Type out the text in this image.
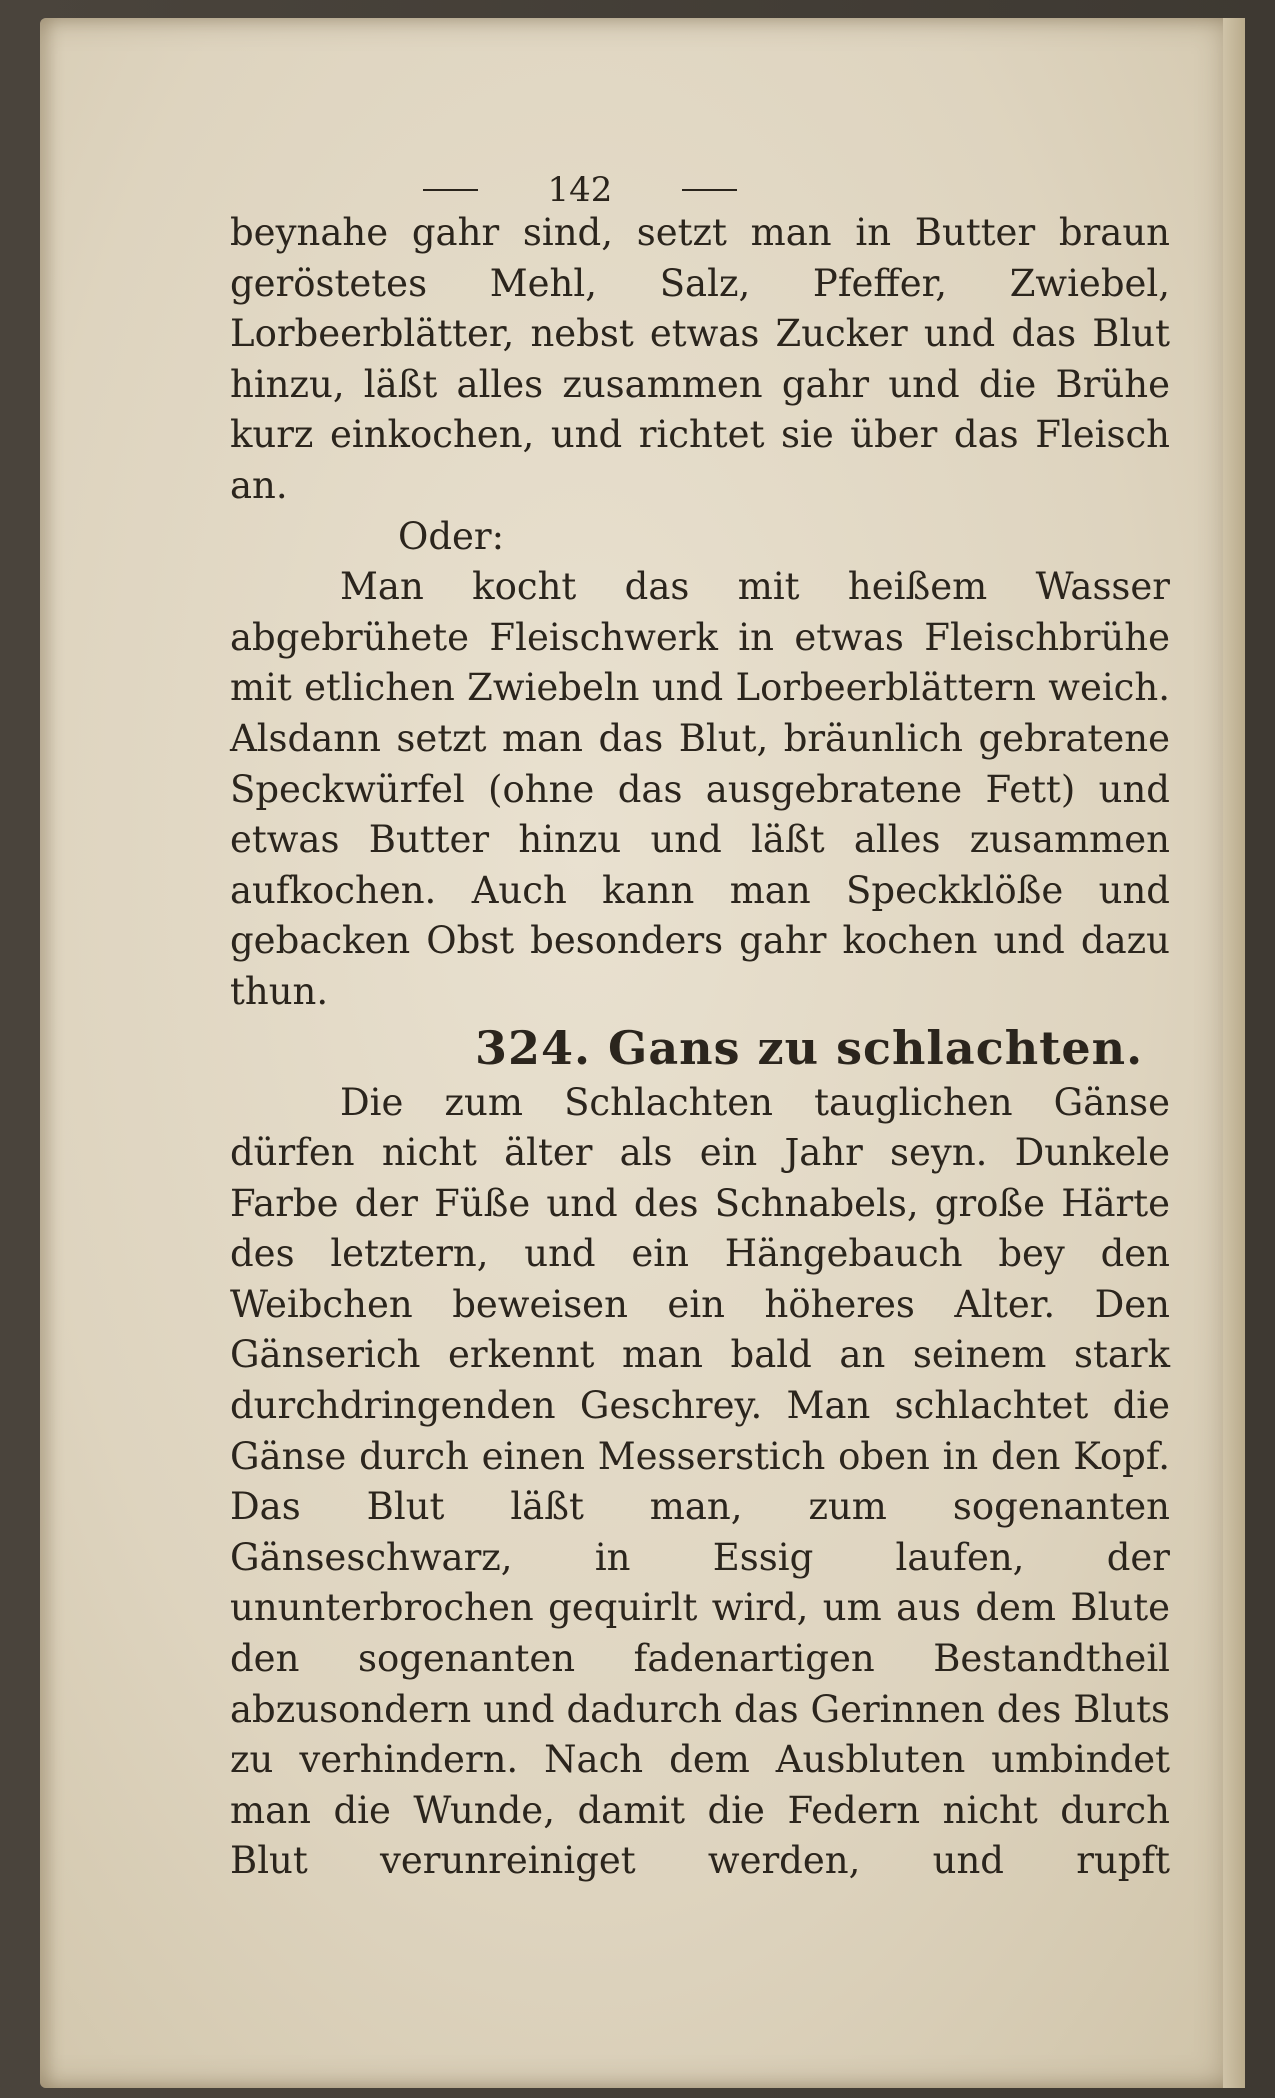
142

beynahe gahr sind, setzt man in Butter braun geröstetes Mehl, Salz, Pfeffer, Zwiebel, Lorbeerblätter, nebst etwas Zucker und das Blut hinzu, läßt alles zusammen gahr und die Brühe kurz einkochen, und richtet sie über das Fleisch an.

Oder:

Man kocht das mit heißem Wasser abgebrühete Fleischwerk in etwas Fleischbrühe mit etlichen Zwiebeln und Lorbeerblättern weich. Alsdann setzt man das Blut, bräunlich gebratene Speckwürfel (ohne das ausgebratene Fett) und etwas Butter hinzu und läßt alles zusammen aufkochen. Auch kann man Speckklöße und gebacken Obst besonders gahr kochen und dazu thun.

324. Gans zu schlachten.

Die zum Schlachten tauglichen Gänse dürfen nicht älter als ein Jahr seyn. Dunkele Farbe der Füße und des Schnabels, große Härte des letztern, und ein Hängebauch bey den Weibchen beweisen ein höheres Alter. Den Gänserich erkennt man bald an seinem stark durchdringenden Geschrey. Man schlachtet die Gänse durch einen Messerstich oben in den Kopf. Das Blut läßt man, zum sogenanten Gänseschwarz, in Essig laufen, der ununterbrochen gequirlt wird, um aus dem Blute den sogenanten fadenartigen Bestandtheil abzusondern und dadurch das Gerinnen des Bluts zu verhindern. Nach dem Ausbluten umbindet man die Wunde, damit die Federn nicht durch Blut verunreiniget werden, und rupft
